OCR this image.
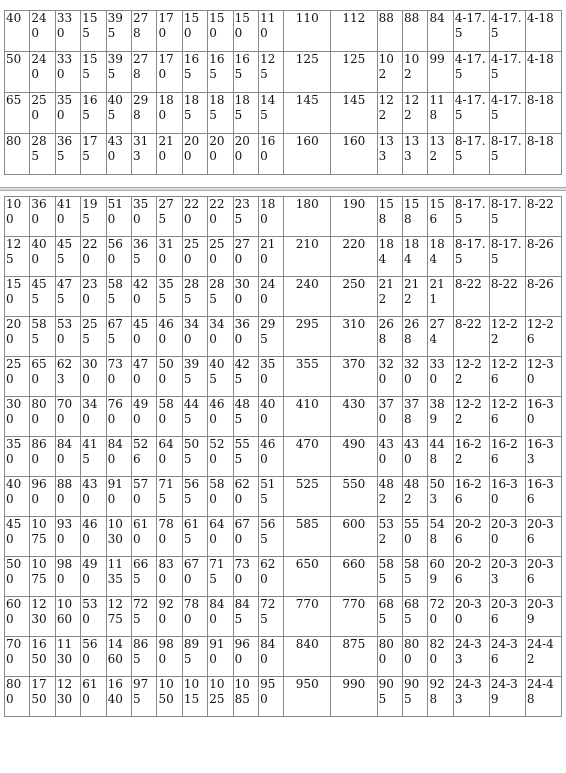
40	240	330	155	395	278	170	150	150	150	110	110	112	88	88	84	4-17.5	4-17.5	4-18
50	240	330	155	395	278	170	165	165	165	125	125	125	102	102	99	4-17.5	4-17.5	4-18
65	250	350	165	405	298	180	185	185	185	145	145	145	122	122	118	4-17.5	4-17.5	8-18
80	285	365	175	430	313	210	200	200	200	160	160	160	133	133	132	8-17.5	8-17.5	8-18
100	360	410	195	510	350	275	220	220	235	180	180	190	158	158	156	8-17.5	8-17.5	8-22
125	400	455	220	560	365	310	250	250	270	210	210	220	184	184	184	8-17.5	8-17.5	8-26
150	455	475	230	585	420	355	285	285	300	240	240	250	212	212	211	8-22	8-22	8-26
200	585	530	255	675	450	460	340	340	360	295	295	310	268	268	274	8-22	12-22	12-26
250	650	623	300	730	470	500	395	405	425	350	355	370	320	320	330	12-22	12-26	12-30
300	800	700	340	760	490	580	445	460	485	400	410	430	370	378	389	12-22	12-26	16-30
350	860	840	415	840	526	640	505	520	555	460	470	490	430	430	448	16-22	16-26	16-33
400	960	880	430	910	570	715	565	580	620	515	525	550	482	482	503	16-26	16-30	16-36
450	1075	930	460	1030	610	780	615	640	670	565	585	600	532	550	548	20-26	20-30	20-36
500	1075	980	490	1135	665	830	670	715	730	620	650	660	585	585	609	20-26	20-33	20-36
600	1230	1060	530	1275	725	920	780	840	845	725	770	770	685	685	720	20-30	20-36	20-39
700	1650	1130	560	1460	865	980	895	910	960	840	840	875	800	800	820	24-33	24-36	24-42
800	1750	1230	610	1640	975	1050	1015	1025	1085	950	950	990	905	905	928	24-33	24-39	24-48
